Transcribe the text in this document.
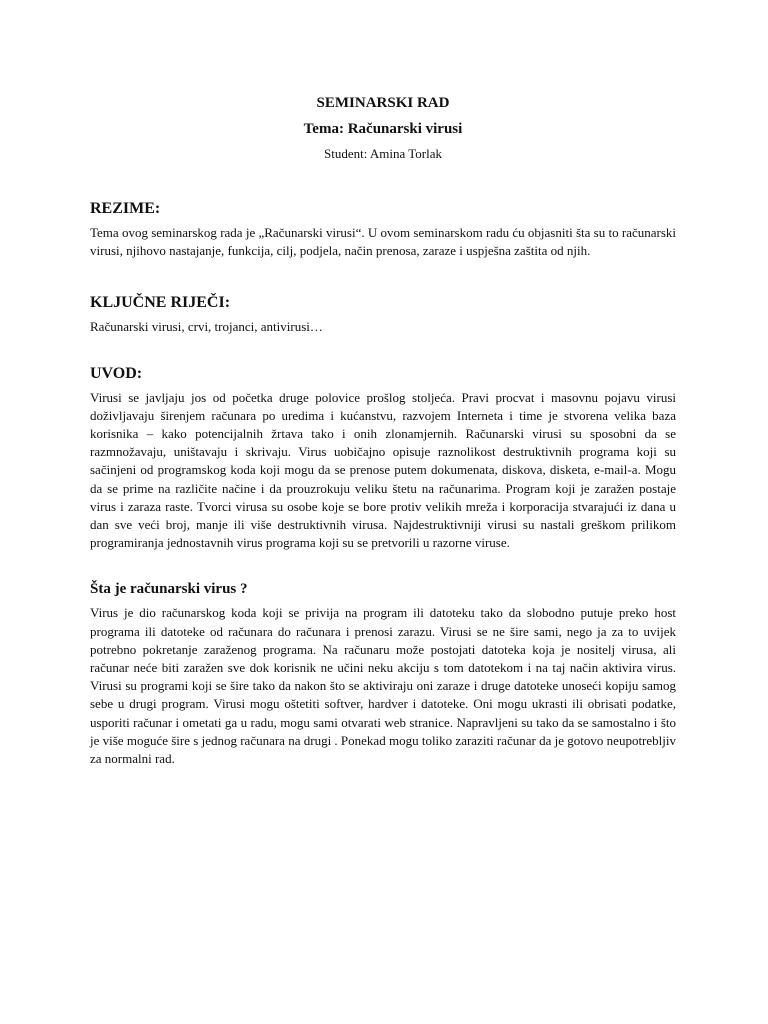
SEMINARSKI RAD
Tema: Računarski virusi

Student: Amina Torlak

REZIME:

Tema ovog seminarskog rada je „Računarski virusi“. U ovom seminarskom radu ću objasniti šta su to računarski virusi, njihovo nastajanje, funkcija, cilj, podjela, način prenosa, zaraze i uspješna zaštita od njih.

KLJUČNE RIJEČI:

Računarski virusi, crvi, trojanci, antivirusi…

UVOD:

Virusi se javljaju jos od početka druge polovice prošlog stoljeća. Pravi procvat i masovnu pojavu virusi doživljavaju širenjem računara po uredima i kućanstvu, razvojem Interneta i time je stvorena velika baza korisnika – kako potencijalnih žrtava tako i onih zlonamjernih. Računarski virusi su sposobni da se razmnožavaju, uništavaju i skrivaju. Virus uobičajno opisuje raznolikost destruktivnih programa koji su sačinjeni od programskog koda koji mogu da se prenose putem dokumenata, diskova, disketa, e-mail-a. Mogu da se prime na različite načine i da prouzrokuju veliku štetu na računarima. Program koji je zaražen postaje virus i zaraza raste. Tvorci virusa su osobe koje se bore protiv velikih mreža i korporacija stvarajući iz dana u dan sve veći broj, manje ili više destruktivnih virusa. Najdestruktivniji virusi su nastali greškom prilikom programiranja jednostavnih virus programa koji su se pretvorili u razorne viruse.

Šta je računarski virus ?

Virus je dio računarskog koda koji se privija na program ili datoteku tako da slobodno putuje preko host programa ili datoteke od računara do računara i prenosi zarazu. Virusi se ne šire sami, nego ja za to uvijek potrebno pokretanje zaraženog programa. Na računaru može postojati datoteka koja je nositelj virusa, ali računar neće biti zaražen sve dok korisnik ne učini neku akciju s tom datotekom i na taj način aktivira virus. Virusi su programi koji se šire tako da nakon što se aktiviraju oni zaraze i druge datoteke unoseći kopiju samog sebe u drugi program. Virusi mogu oštetiti softver, hardver i datoteke. Oni mogu ukrasti ili obrisati podatke, usporiti računar i ometati ga u radu, mogu sami otvarati web stranice. Napravljeni su tako da se samostalno i što je više moguće šire s jednog računara na drugi . Ponekad mogu toliko zaraziti računar da je gotovo neupotrebljiv za normalni rad.
